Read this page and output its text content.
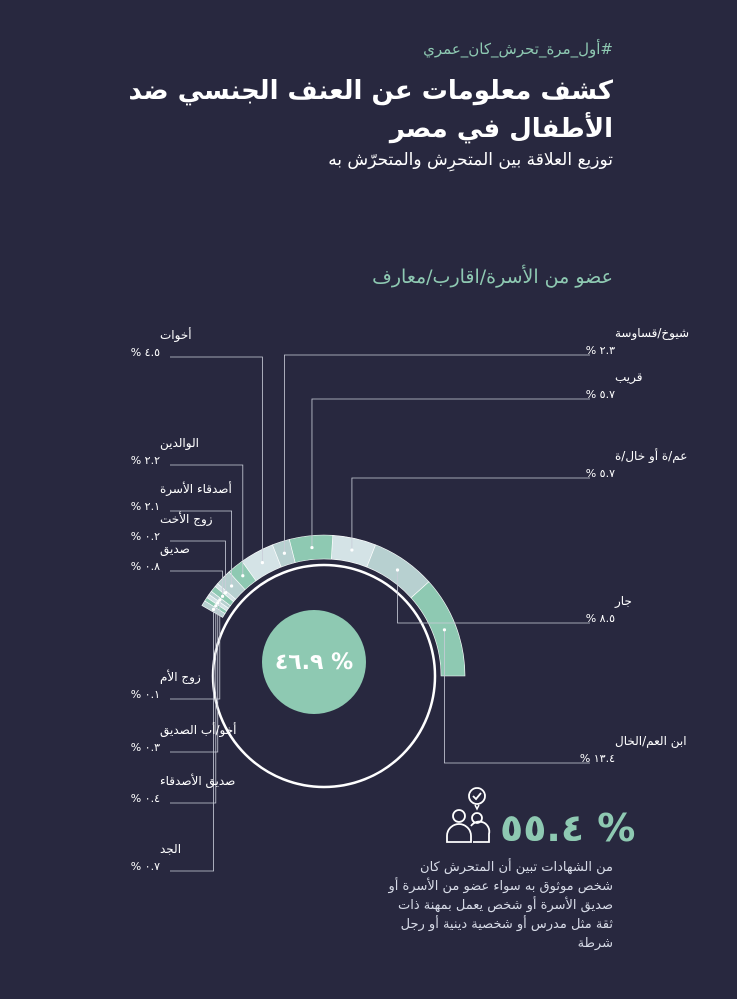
#أول_مرة_تحرش_كان_عمري
كشف معلومات عن العنف الجنسي ضد الأطفال في مصر
توزيع العلاقة بين المتحرِش والمتحرّش به
عضو من الأسرة/اقارب/معارف
ابن العم/الخال
% ١٣.٤
جار
% ٨.٥
عم/ة أو خال/ة
% ٥.٧
قريب
% ٥.٧
شيوخ/قساوسة
% ٢.٣
أخوات
% ٤.٥
الوالدين
% ٢.٢
أصدقاء الأسرة
% ٢.١
زوج الأخت
% ٠.٢
صديق
% ٠.٨
زوج الأم
% ٠.١
أخو/أب الصديق
% ٠.٣
صديق الأصدقاء
% ٠.٤
الجد
% ٠.٧
% ٤٦.٩
% ٥٥.٤
من الشهادات تبين أن المتحرش كان شخص موثوق به سواء عضو من الأسرة أو صديق الأسرة أو شخص يعمل بمهنة ذات ثقة مثل مدرس أو شخصية دينية أو رجل شرطة
